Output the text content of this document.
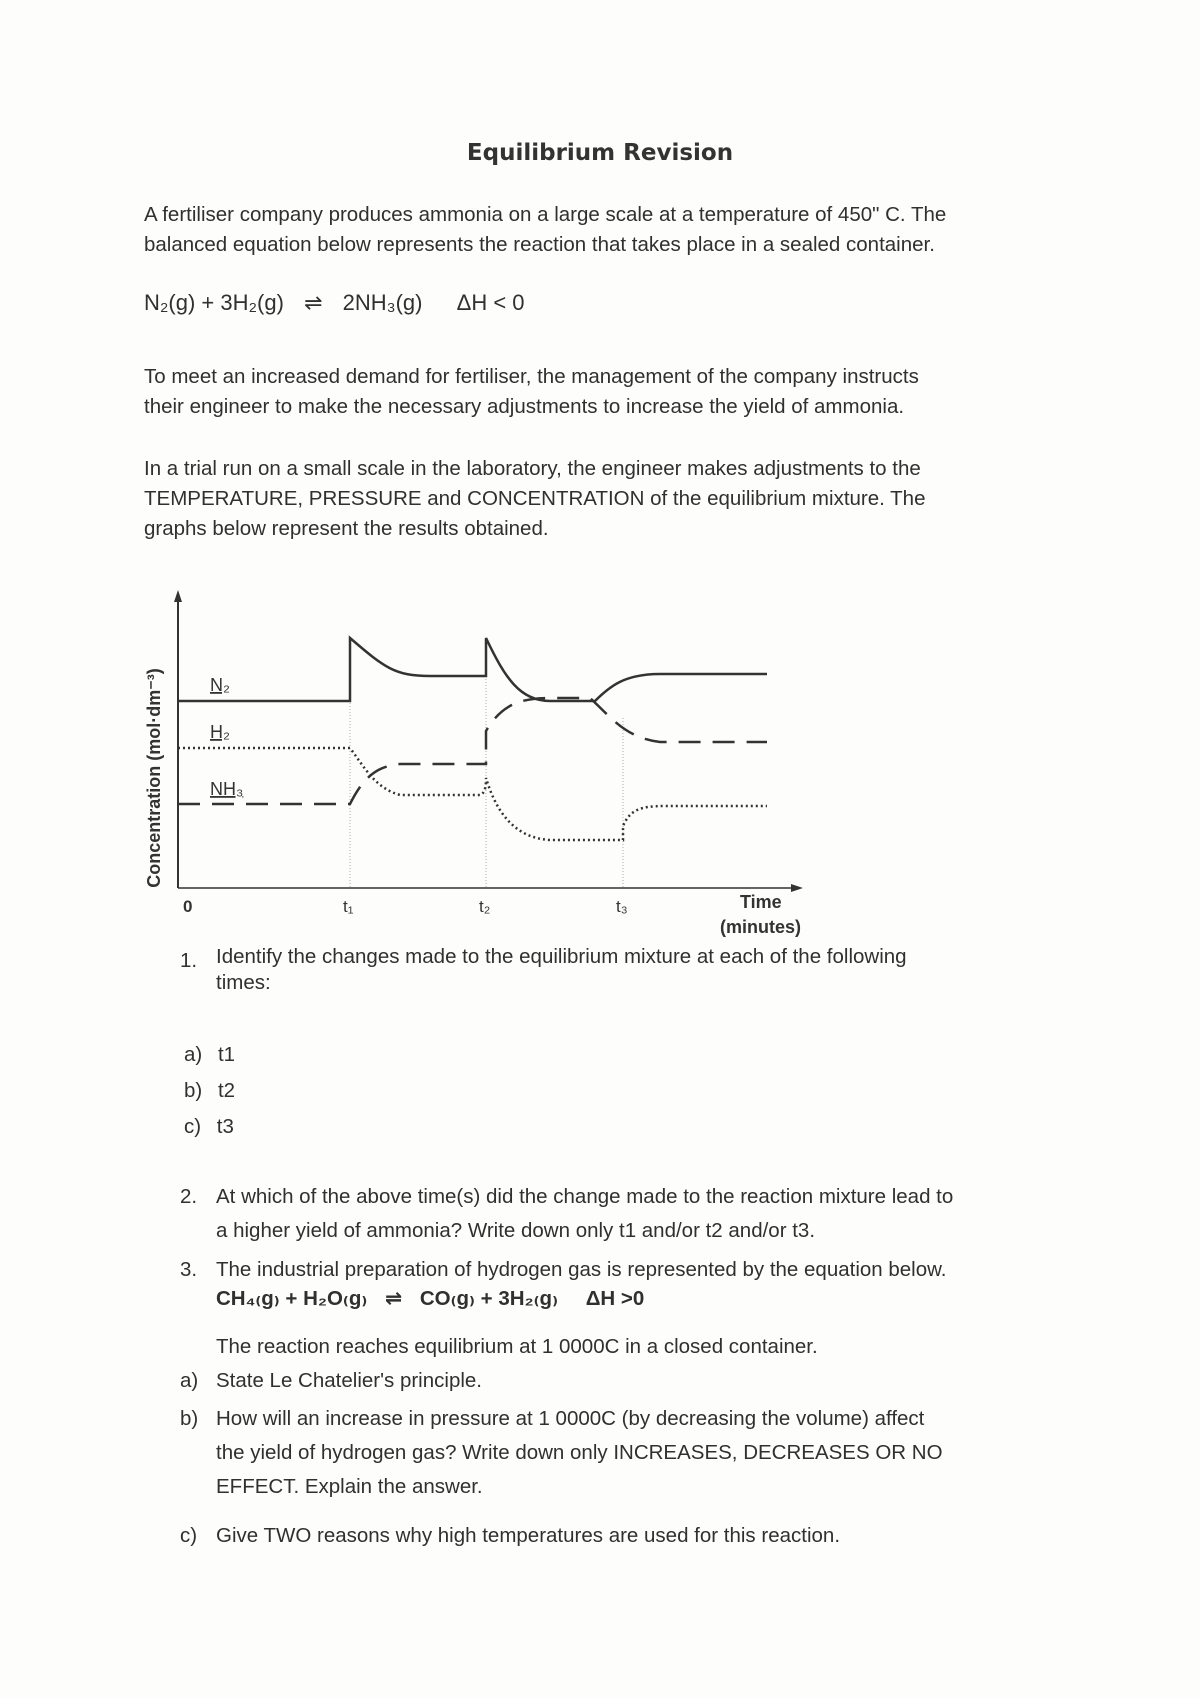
Equilibrium Revision
A fertiliser company produces ammonia on a large scale at a temperature of 450" C. The
balanced equation below represents the reaction that takes place in a sealed container.
N₂(g) + 3H₂(g) ⇌ 2NH₃(g) ΔH < 0
To meet an increased demand for fertiliser, the management of the company instructs
their engineer to make the necessary adjustments to increase the yield of ammonia.
In a trial run on a small scale in the laboratory, the engineer makes adjustments to the
TEMPERATURE, PRESSURE and CONCENTRATION of the equilibrium mixture. The
graphs below represent the results obtained.
Concentration (mol·dm⁻³)	N₂
H₂
NH₃
0	t₁	t₂	t₃	Time
(minutes)
1. Identify the changes made to the equilibrium mixture at each of the following
times:
a) t1
b) t2
c) t3
2. At which of the above time(s) did the change made to the reaction mixture lead to
a higher yield of ammonia? Write down only t1 and/or t2 and/or t3.
3. The industrial preparation of hydrogen gas is represented by the equation below.
CH₄₍g₎ + H₂O₍g₎ ⇌ CO₍g₎ + 3H₂₍g₎ ΔH >0
The reaction reaches equilibrium at 1 0000C in a closed container.
a) State Le Chatelier's principle.
b) How will an increase in pressure at 1 0000C (by decreasing the volume) affect
the yield of hydrogen gas? Write down only INCREASES, DECREASES OR NO
EFFECT. Explain the answer.
c) Give TWO reasons why high temperatures are used for this reaction.
